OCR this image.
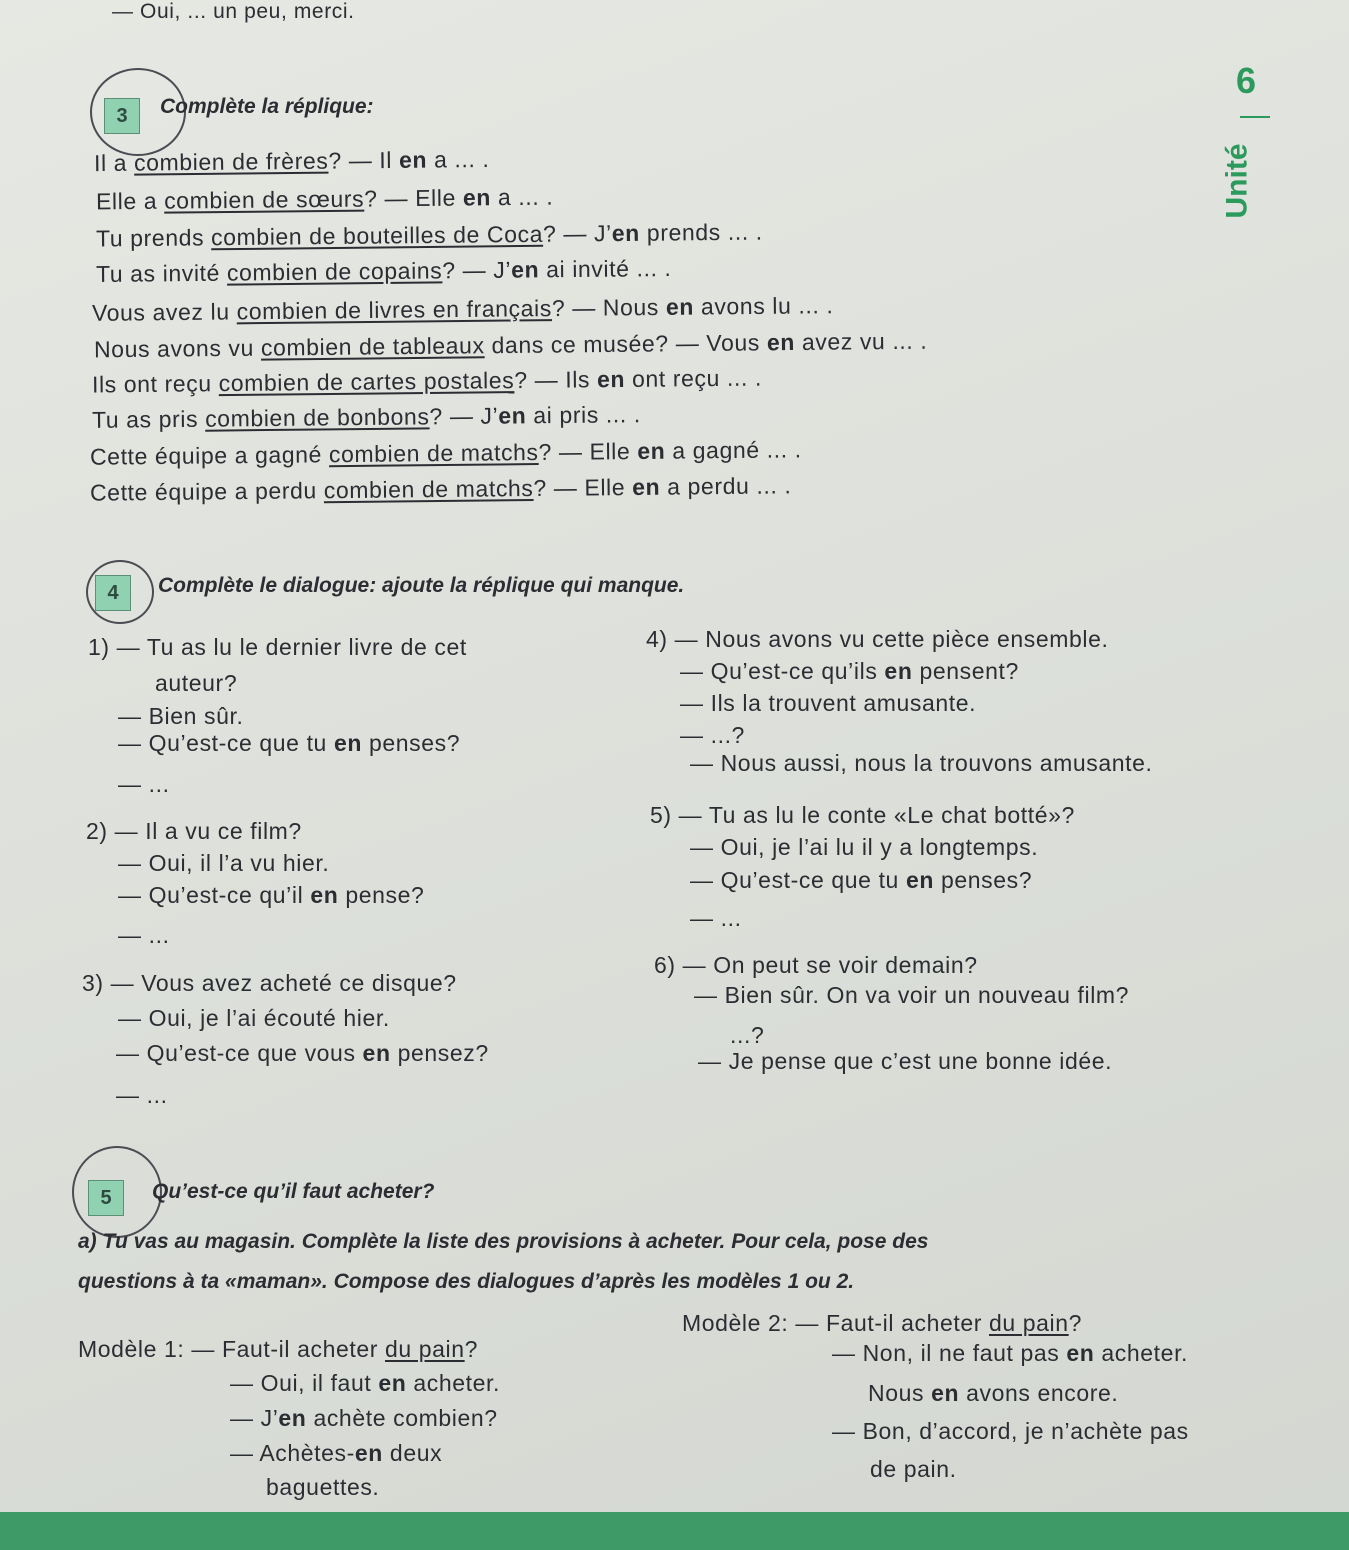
— Oui, ... un peu, merci.
6
Unité
3	Complète la réplique:
Il a combien de frères? — Il en a ... .
Elle a combien de sœurs? — Elle en a ... .
Tu prends combien de bouteilles de Coca? — J’en prends ... .
Tu as invité combien de copains? — J’en ai invité ... .
Vous avez lu combien de livres en français? — Nous en avons lu ... .
Nous avons vu combien de tableaux dans ce musée? — Vous en avez vu ... .
Ils ont reçu combien de cartes postales? — Ils en ont reçu ... .
Tu as pris combien de bonbons? — J’en ai pris ... .
Cette équipe a gagné combien de matchs? — Elle en a gagné ... .
Cette équipe a perdu combien de matchs? — Elle en a perdu ... .
4	Complète le dialogue: ajoute la réplique qui manque.
1) — Tu as lu le dernier livre de cet
auteur?
— Bien sûr.
— Qu’est-ce que tu en penses?
— ...
2) — Il a vu ce film?
— Oui, il l’a vu hier.
— Qu’est-ce qu’il en pense?
— ...
3) — Vous avez acheté ce disque?
— Oui, je l’ai écouté hier.
— Qu’est-ce que vous en pensez?
— ...
4) — Nous avons vu cette pièce ensemble.
— Qu’est-ce qu’ils en pensent?
— Ils la trouvent amusante.
— ...?
— Nous aussi, nous la trouvons amusante.
5) — Tu as lu le conte «Le chat botté»?
— Oui, je l’ai lu il y a longtemps.
— Qu’est-ce que tu en penses?
— ...
6) — On peut se voir demain?
— Bien sûr. On va voir un nouveau film?
...?
— Je pense que c’est une bonne idée.
5	Qu’est-ce qu’il faut acheter?
a) Tu vas au magasin. Complète la liste des provisions à acheter. Pour cela, pose des
questions à ta «maman». Compose des dialogues d’après les modèles 1 ou 2.
Modèle 1: — Faut-il acheter du pain?
— Oui, il faut en acheter.
— J’en achète combien?
— Achètes-en deux
baguettes.
Modèle 2: — Faut-il acheter du pain?
— Non, il ne faut pas en acheter.
Nous en avons encore.
— Bon, d’accord, je n’achète pas
de pain.
